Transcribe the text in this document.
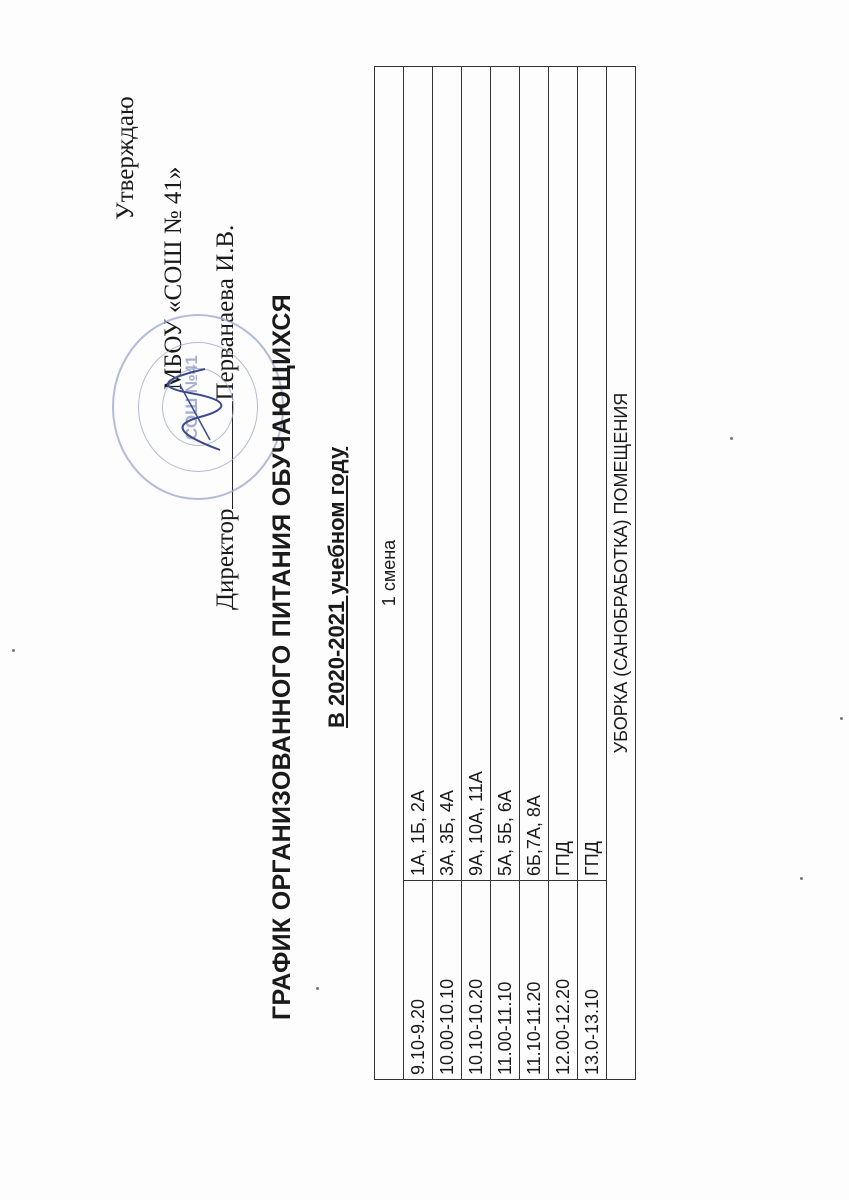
Утверждаю
МБОУ «СОШ № 41»
ДиректорПерванаева И.В.
СОШ №41	ГРАФИК ОРГАНИЗОВАННОГО ПИТАНИЯ ОБУЧАЮЩИХСЯ В 2020-2021 учебном году 1 смена	
9.10-9.20	1А, 1Б, 2А
10.00-10.10	3А, 3Б, 4А
10.10-10.20	9А, 10А, 11А
11.00-11.10	5А, 5Б, 6А
11.10-11.20	6Б,7А, 8А
12.00-12.20	ГПД
13.0-13.10	ГПД
УБОРКА (САНОБРАБОТКА) ПОМЕЩЕНИЯ	
